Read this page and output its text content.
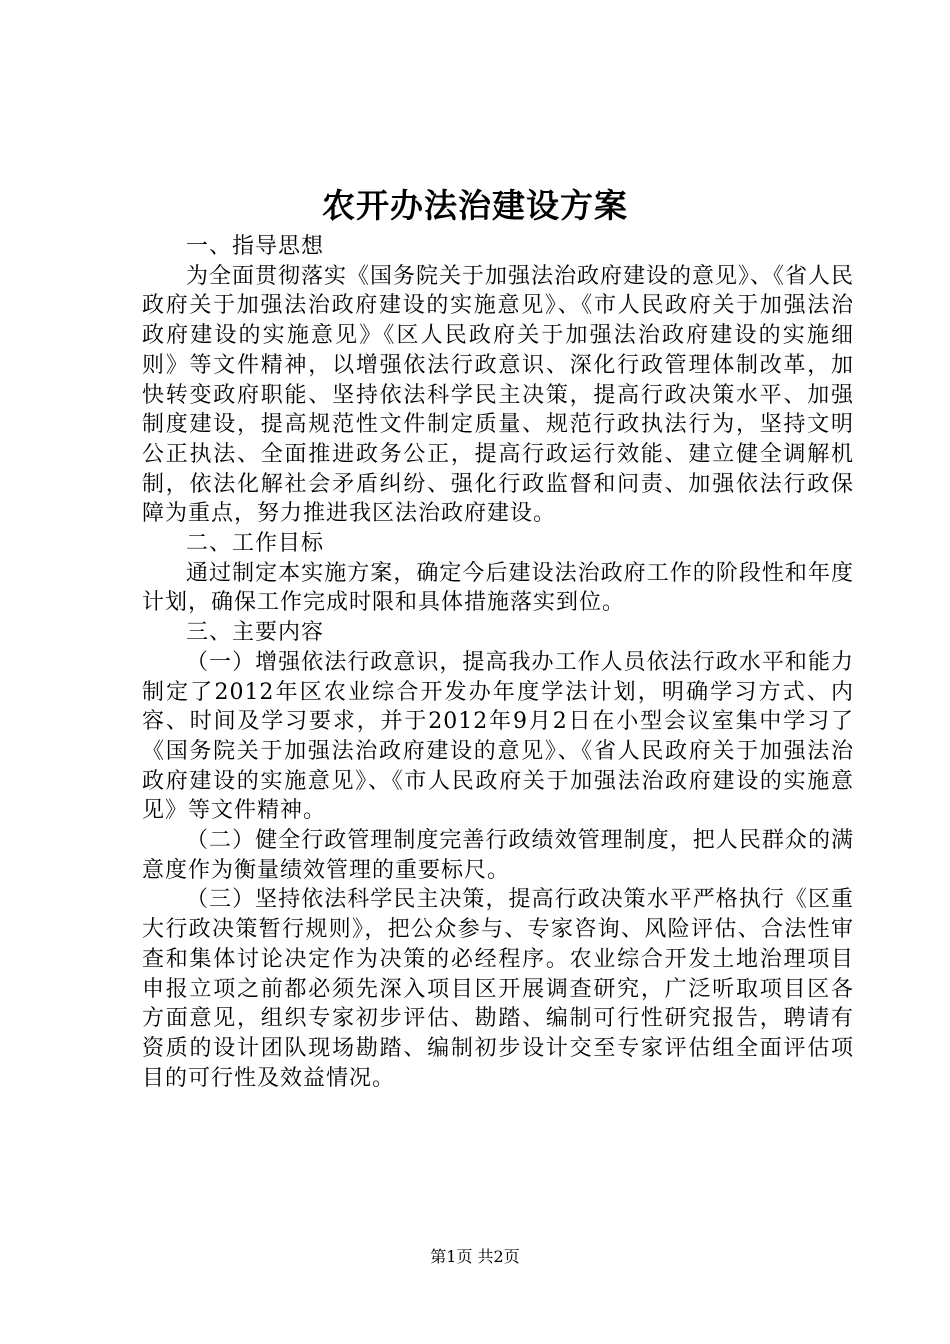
农开办法治建设方案

一、指导思想

为全面贯彻落实《国务院关于加强法治政府建设的意见》、《省人民政府关于加强法治政府建设的实施意见》、《市人民政府关于加强法治政府建设的实施意见》《区人民政府关于加强法治政府建设的实施细则》等文件精神，以增强依法行政意识、深化行政管理体制改革，加快转变政府职能、坚持依法科学民主决策，提高行政决策水平、加强制度建设，提高规范性文件制定质量、规范行政执法行为，坚持文明公正执法、全面推进政务公正，提高行政运行效能、建立健全调解机制，依法化解社会矛盾纠纷、强化行政监督和问责、加强依法行政保障为重点，努力推进我区法治政府建设。

二、工作目标

通过制定本实施方案，确定今后建设法治政府工作的阶段性和年度计划，确保工作完成时限和具体措施落实到位。

三、主要内容

（一）增强依法行政意识，提高我办工作人员依法行政水平和能力制定了2012年区农业综合开发办年度学法计划，明确学习方式、内容、时间及学习要求，并于2012年9月2日在小型会议室集中学习了《国务院关于加强法治政府建设的意见》、《省人民政府关于加强法治政府建设的实施意见》、《市人民政府关于加强法治政府建设的实施意见》等文件精神。

（二）健全行政管理制度完善行政绩效管理制度，把人民群众的满意度作为衡量绩效管理的重要标尺。

（三）坚持依法科学民主决策，提高行政决策水平严格执行《区重大行政决策暂行规则》，把公众参与、专家咨询、风险评估、合法性审查和集体讨论决定作为决策的必经程序。农业综合开发土地治理项目申报立项之前都必须先深入项目区开展调查研究，广泛听取项目区各方面意见，组织专家初步评估、勘踏、编制可行性研究报告，聘请有资质的设计团队现场勘踏、编制初步设计交至专家评估组全面评估项目的可行性及效益情况。

第1页 共2页
